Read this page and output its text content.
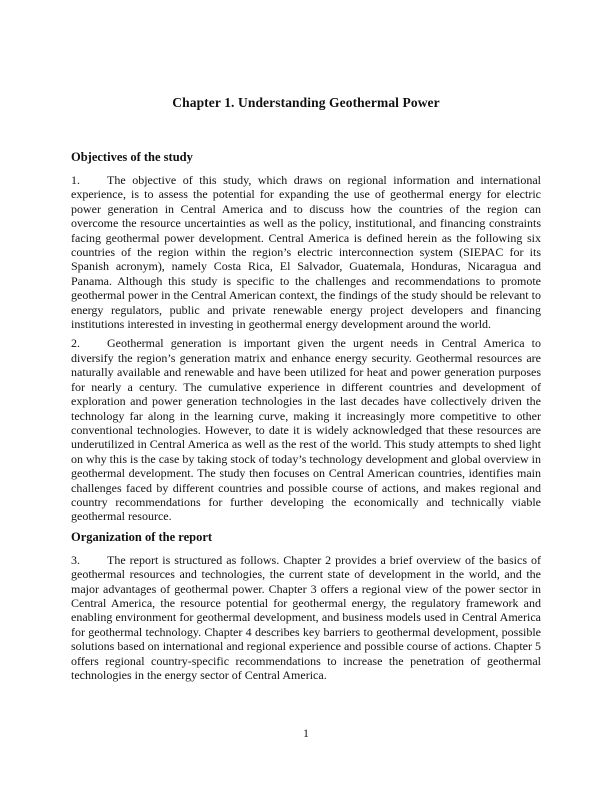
Chapter 1. Understanding Geothermal Power
Objectives of the study

1. The objective of this study, which draws on regional information and international experience, is to assess the potential for expanding the use of geothermal energy for electric power generation in Central America and to discuss how the countries of the region can overcome the resource uncertainties as well as the policy, institutional, and financing constraints facing geothermal power development. Central America is defined herein as the following six countries of the region within the region’s electric interconnection system (SIEPAC for its Spanish acronym), namely Costa Rica, El Salvador, Guatemala, Honduras, Nicaragua and Panama. Although this study is specific to the challenges and recommendations to promote geothermal power in the Central American context, the findings of the study should be relevant to energy regulators, public and private renewable energy project developers and financing institutions interested in investing in geothermal energy development around the world.

2. Geothermal generation is important given the urgent needs in Central America to diversify the region’s generation matrix and enhance energy security. Geothermal resources are naturally available and renewable and have been utilized for heat and power generation purposes for nearly a century. The cumulative experience in different countries and development of exploration and power generation technologies in the last decades have collectively driven the technology far along in the learning curve, making it increasingly more competitive to other conventional technologies. However, to date it is widely acknowledged that these resources are underutilized in Central America as well as the rest of the world. This study attempts to shed light on why this is the case by taking stock of today’s technology development and global overview in geothermal development. The study then focuses on Central American countries, identifies main challenges faced by different countries and possible course of actions, and makes regional and country recommendations for further developing the economically and technically viable geothermal resource.

Organization of the report

3. The report is structured as follows. Chapter 2 provides a brief overview of the basics of geothermal resources and technologies, the current state of development in the world, and the major advantages of geothermal power. Chapter 3 offers a regional view of the power sector in Central America, the resource potential for geothermal energy, the regulatory framework and enabling environment for geothermal development, and business models used in Central America for geothermal technology. Chapter 4 describes key barriers to geothermal development, possible solutions based on international and regional experience and possible course of actions. Chapter 5 offers regional country-specific recommendations to increase the penetration of geothermal technologies in the energy sector of Central America.

1
